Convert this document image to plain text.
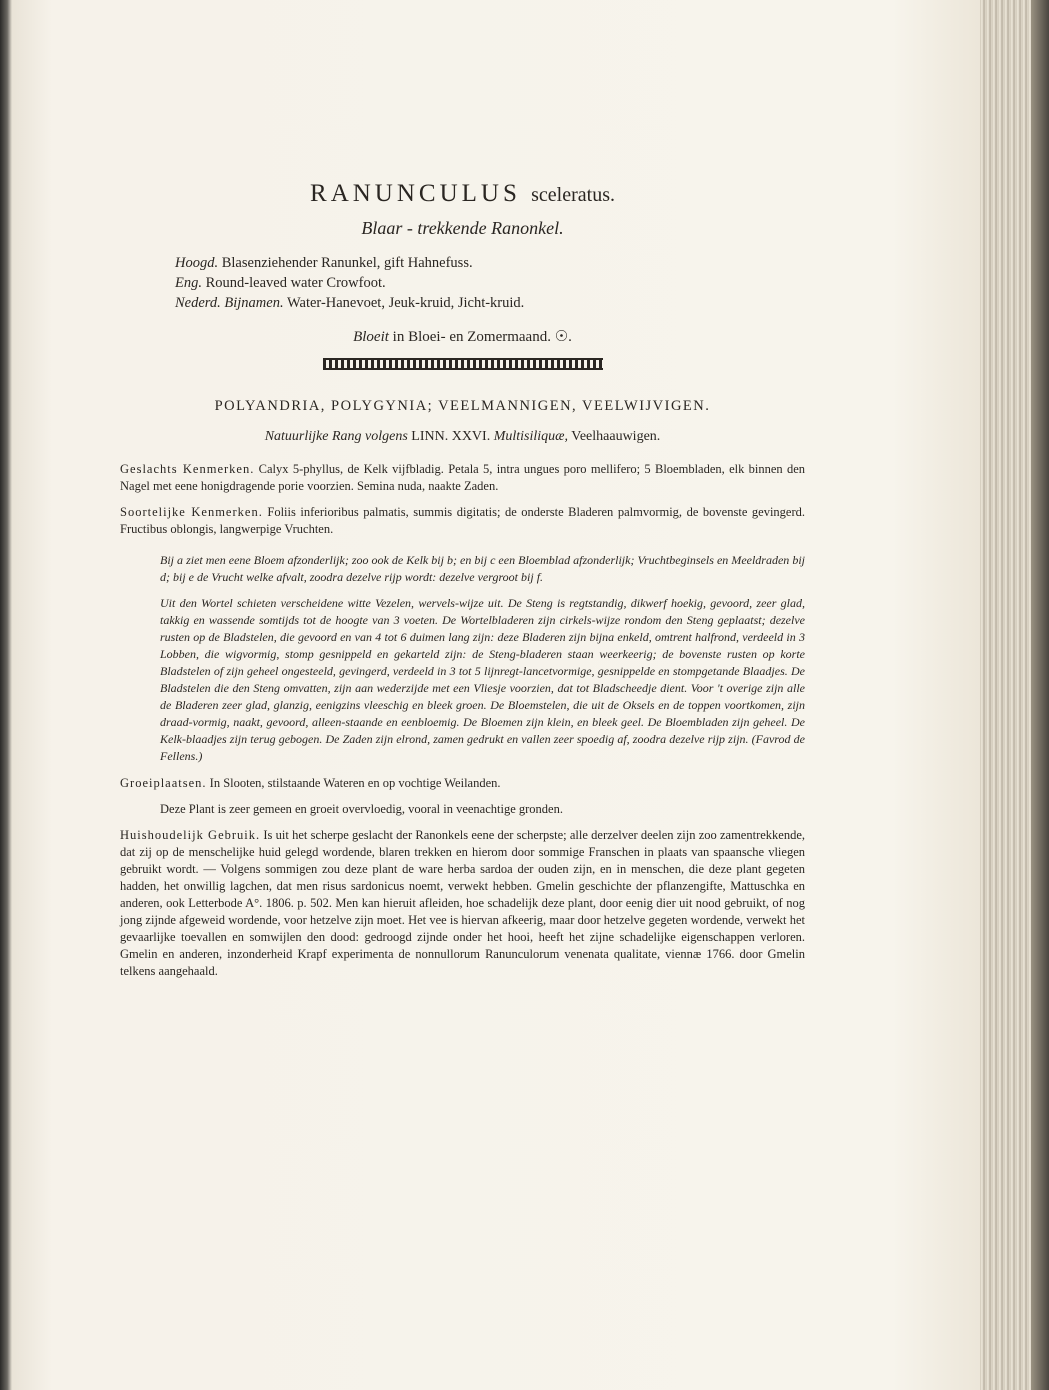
RANUNCULUS sceleratus.
Blaar - trekkende Ranonkel.
Hoogd. Blasenziehender Ranunkel, gift Hahnefuss.
Eng. Round-leaved water Crowfoot.
Nederd. Bijnamen. Water-Hanevoet, Jeuk-kruid, Jicht-kruid.
Bloeit in Bloei- en Zomermaand. ☉.
POLYANDRIA, POLYGYNIA; VEELMANNIGEN, VEELWIJVIGEN.
Natuurlijke Rang volgens LINN. XXVI. Multisiliquæ, Veelhaauwigen.

Geslachts Kenmerken. Calyx 5-phyllus, de Kelk vijfbladig. Petala 5, intra ungues poro mellifero; 5 Bloembladen, elk binnen den Nagel met eene honigdragende porie voorzien. Semina nuda, naakte Zaden.

Soortelijke Kenmerken. Foliis inferioribus palmatis, summis digitatis; de onderste Bladeren palmvormig, de bovenste gevingerd. Fructibus oblongis, langwerpige Vruchten.

Bij a ziet men eene Bloem afzonderlijk; zoo ook de Kelk bij b; en bij c een Bloemblad afzonderlijk; Vruchtbeginsels en Meeldraden bij d; bij e de Vrucht welke afvalt, zoodra dezelve rijp wordt: dezelve vergroot bij f.

Uit den Wortel schieten verscheidene witte Vezelen, wervels-wijze uit. De Steng is regtstandig, dikwerf hoekig, gevoord, zeer glad, takkig en wassende somtijds tot de hoogte van 3 voeten. De Wortelbladeren zijn cirkels-wijze rondom den Steng geplaatst; dezelve rusten op de Bladstelen, die gevoord en van 4 tot 6 duimen lang zijn: deze Bladeren zijn bijna enkeld, omtrent halfrond, verdeeld in 3 Lobben, die wigvormig, stomp gesnippeld en gekarteld zijn: de Steng-bladeren staan weerkeerig; de bovenste rusten op korte Bladstelen of zijn geheel ongesteeld, gevingerd, verdeeld in 3 tot 5 lijnregt-lancetvormige, gesnippelde en stompgetande Blaadjes. De Bladstelen die den Steng omvatten, zijn aan wederzijde met een Vliesje voorzien, dat tot Bladscheedje dient. Voor 't overige zijn alle de Bladeren zeer glad, glanzig, eenigzins vleeschig en bleek groen. De Bloemstelen, die uit de Oksels en de toppen voortkomen, zijn draad-vormig, naakt, gevoord, alleen-staande en eenbloemig. De Bloemen zijn klein, en bleek geel. De Bloembladen zijn geheel. De Kelk-blaadjes zijn terug gebogen. De Zaden zijn elrond, zamen gedrukt en vallen zeer spoedig af, zoodra dezelve rijp zijn. (Favrod de Fellens.)

Groeiplaatsen. In Slooten, stilstaande Wateren en op vochtige Weilanden.

Deze Plant is zeer gemeen en groeit overvloedig, vooral in veenachtige gronden.

Huishoudelijk Gebruik. Is uit het scherpe geslacht der Ranonkels eene der scherpste; alle derzelver deelen zijn zoo zamentrekkende, dat zij op de menschelijke huid gelegd wordende, blaren trekken en hierom door sommige Franschen in plaats van spaansche vliegen gebruikt wordt. — Volgens sommigen zou deze plant de ware herba sardoa der ouden zijn, en in menschen, die deze plant gegeten hadden, het onwillig lagchen, dat men risus sardonicus noemt, verwekt hebben. Gmelin geschichte der pflanzengifte, Mattuschka en anderen, ook Letterbode A°. 1806. p. 502. Men kan hieruit afleiden, hoe schadelijk deze plant, door eenig dier uit nood gebruikt, of nog jong zijnde afgeweid wordende, voor hetzelve zijn moet. Het vee is hiervan afkeerig, maar door hetzelve gegeten wordende, verwekt het gevaarlijke toevallen en somwijlen den dood: gedroogd zijnde onder het hooi, heeft het zijne schadelijke eigenschappen verloren. Gmelin en anderen, inzonderheid Krapf experimenta de nonnullorum Ranunculorum venenata qualitate, viennæ 1766. door Gmelin telkens aangehaald.
